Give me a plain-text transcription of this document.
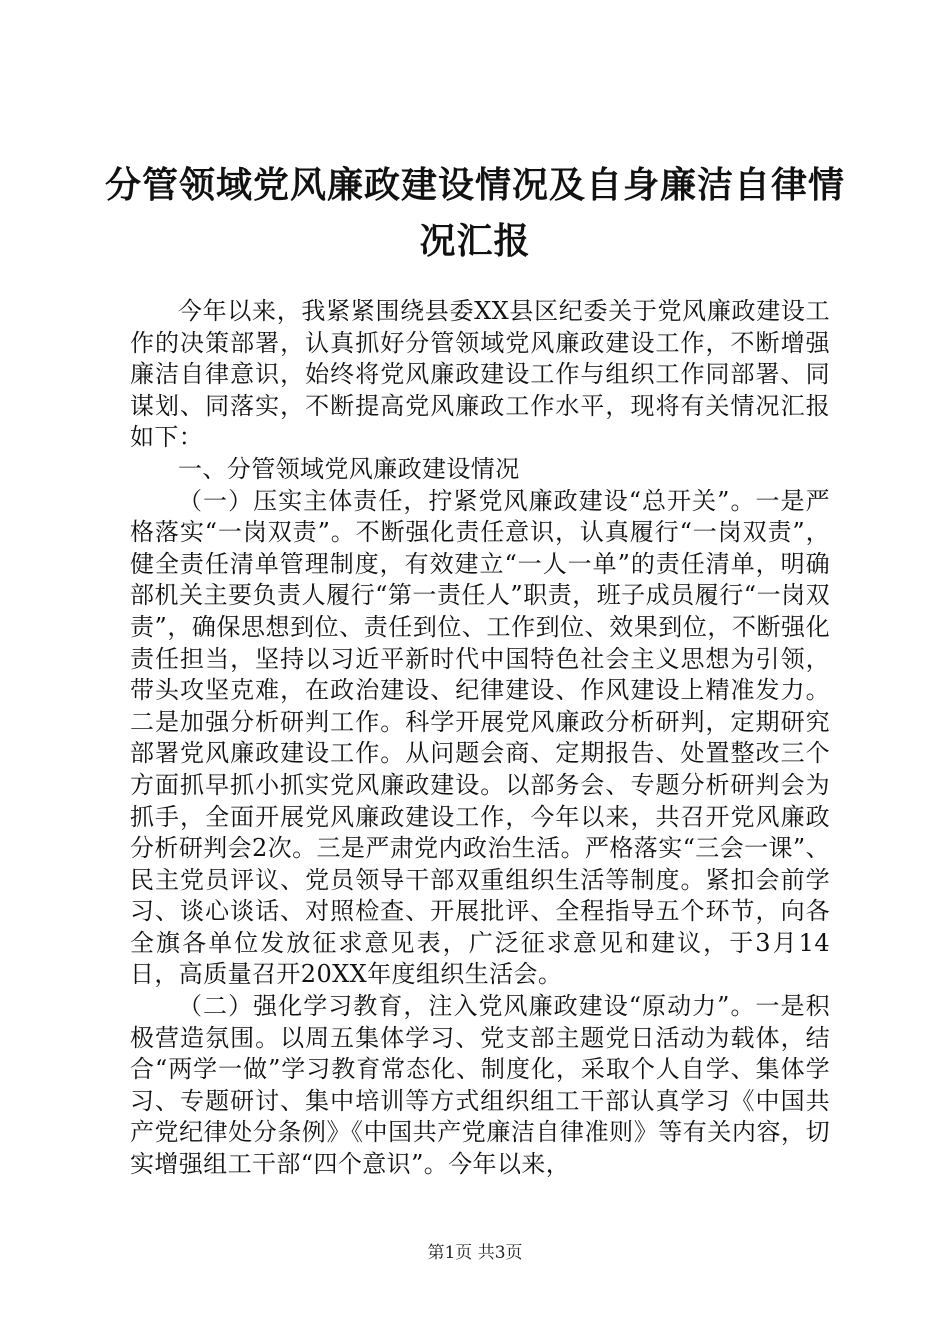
分管领域党风廉政建设情况及自身廉洁自律情
况汇报

今年以来，我紧紧围绕县委XX县区纪委关于党风廉政建设工作的决策部署，认真抓好分管领域党风廉政建设工作，不断增强廉洁自律意识，始终将党风廉政建设工作与组织工作同部署、同谋划、同落实，不断提高党风廉政工作水平，现将有关情况汇报如下：

一、分管领域党风廉政建设情况

（一）压实主体责任，拧紧党风廉政建设“总开关”。一是严格落实“一岗双责”。不断强化责任意识，认真履行“一岗双责”，健全责任清单管理制度，有效建立“一人一单”的责任清单，明确部机关主要负责人履行“第一责任人”职责，班子成员履行“一岗双责”，确保思想到位、责任到位、工作到位、效果到位，不断强化责任担当，坚持以习近平新时代中国特色社会主义思想为引领，带头攻坚克难，在政治建设、纪律建设、作风建设上精准发力。二是加强分析研判工作。科学开展党风廉政分析研判，定期研究部署党风廉政建设工作。从问题会商、定期报告、处置整改三个方面抓早抓小抓实党风廉政建设。以部务会、专题分析研判会为抓手，全面开展党风廉政建设工作，今年以来，共召开党风廉政分析研判会2次。三是严肃党内政治生活。严格落实“三会一课”、民主党员评议、党员领导干部双重组织生活等制度。紧扣会前学习、谈心谈话、对照检查、开展批评、全程指导五个环节，向各全旗各单位发放征求意见表，广泛征求意见和建议，于3月14日，高质量召开20XX年度组织生活会。

（二）强化学习教育，注入党风廉政建设“原动力”。一是积极营造氛围。以周五集体学习、党支部主题党日活动为载体，结合“两学一做”学习教育常态化、制度化，采取个人自学、集体学习、专题研讨、集中培训等方式组织组工干部认真学习《中国共产党纪律处分条例》《中国共产党廉洁自律准则》等有关内容，切实增强组工干部“四个意识”。今年以来，

第1页 共3页
